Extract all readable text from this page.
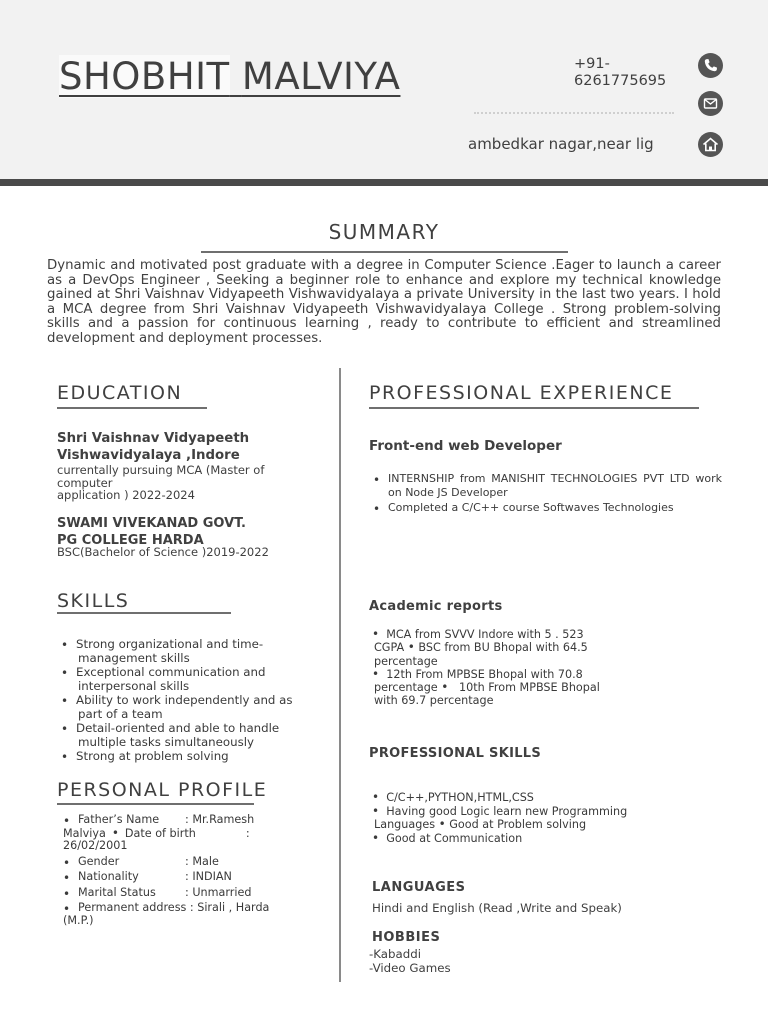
SHOBHIT MALVIYA	+91-
6261775695
ambedkar nagar,near lig
SUMMARY
Dynamic and motivated post graduate with a degree in Computer Science .Eager to launch a career as a DevOps Engineer , Seeking a beginner role to enhance and explore my technical knowledge gained at Shri Vaishnav Vidyapeeth Vishwavidyalaya a private University in the last two years. I hold a MCA degree from Shri Vaishnav Vidyapeeth Vishwavidyalaya College . Strong problem-solving skills and a passion for continuous learning , ready to contribute to efficient and streamlined development and deployment processes.
EDUCATION
Shri Vaishnav Vidyapeeth
Vishwavidyalaya ,Indore
currentally pursuing MCA (Master of
computer
application ) 2022-2024
SWAMI VIVEKANAD GOVT.
PG COLLEGE HARDA
BSC(Bachelor of Science )2019-2022
SKILLS
• Strong organizational and time-
management skills
• Exceptional communication and
interpersonal skills
• Ability to work independently and as
part of a team
• Detail-oriented and able to handle
multiple tasks simultaneously
• Strong at problem solving
PERSONAL PROFILE
• Father’s Name	: Mr.Ramesh
Malviya • Date of birth	:
26/02/2001
• Gender	: Male
• Nationality	: INDIAN
• Marital Status	: Unmarried
• Permanent address : Sirali , Harda
(M.P.)
PROFESSIONAL EXPERIENCE
Front-end web Developer
• INTERNSHIP from MANISHIT TECHNOLOGIES PVT LTD work on Node JS Developer
• Completed a C/C++ course Softwaves Technologies
Academic reports
• MCA from SVVV Indore with 5 . 523
CGPA • BSC from BU Bhopal with 64.5
percentage
• 12th From MPBSE Bhopal with 70.8
percentage • 10th From MPBSE Bhopal
with 69.7 percentage
PROFESSIONAL SKILLS
• C/C++,PYTHON,HTML,CSS
• Having good Logic learn new Programming
Languages • Good at Problem solving
• Good at Communication
LANGUAGES
Hindi and English (Read ,Write and Speak)
HOBBIES
-Kabaddi
-Video Games
